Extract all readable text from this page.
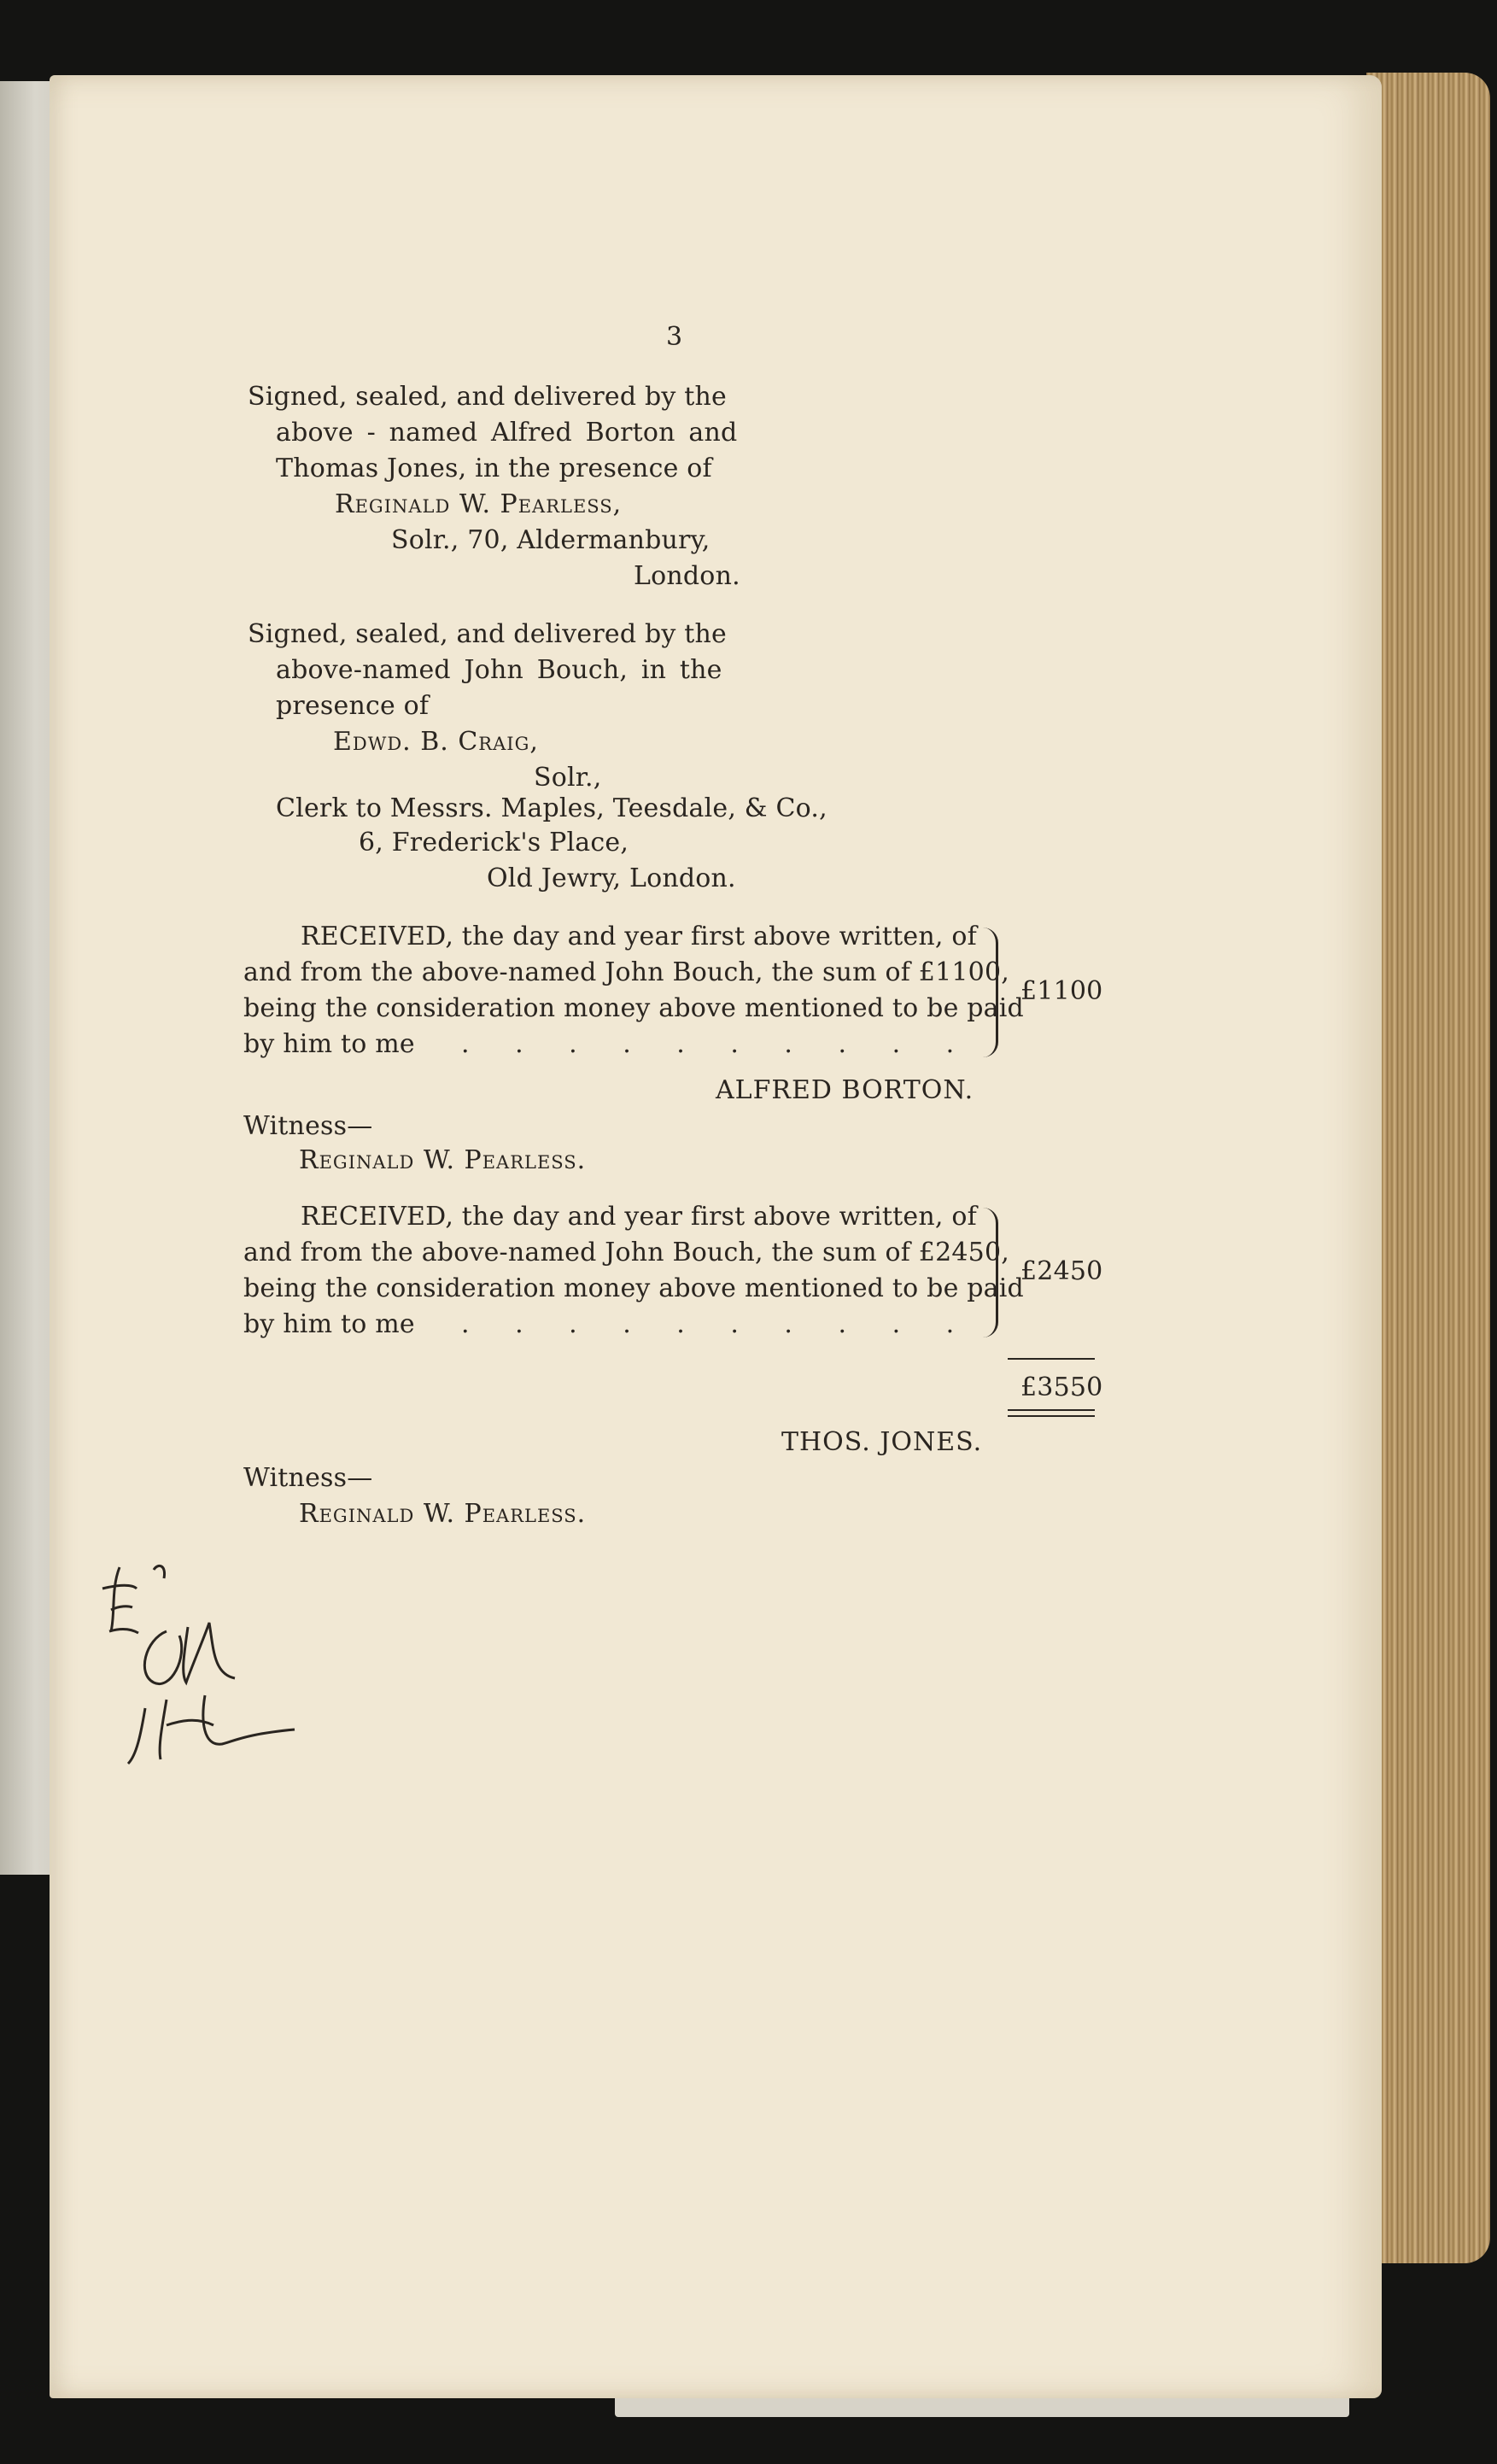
3
Signed, sealed, and delivered by the
above - named Alfred Borton and
Thomas Jones, in the presence of
Reginald W. Pearless,
Solr., 70, Aldermanbury,
London.
Signed, sealed, and delivered by the
above-named John Bouch, in the
presence of
Edwd. B. Craig,
Solr.,
Clerk to Messrs. Maples, Teesdale, & Co.,
6, Frederick's Place,
Old Jewry, London.
RECEIVED, the day and year first above written, of
and from the above-named John Bouch, the sum of £1100,
being the consideration money above mentioned to be paid
by him to me . . . . . . . . . .
£1100
ALFRED BORTON.
Witness—
Reginald W. Pearless.
RECEIVED, the day and year first above written, of
and from the above-named John Bouch, the sum of £2450,
being the consideration money above mentioned to be paid
by him to me . . . . . . . . . .
£2450
£3550
THOS. JONES.
Witness—
Reginald W. Pearless.
